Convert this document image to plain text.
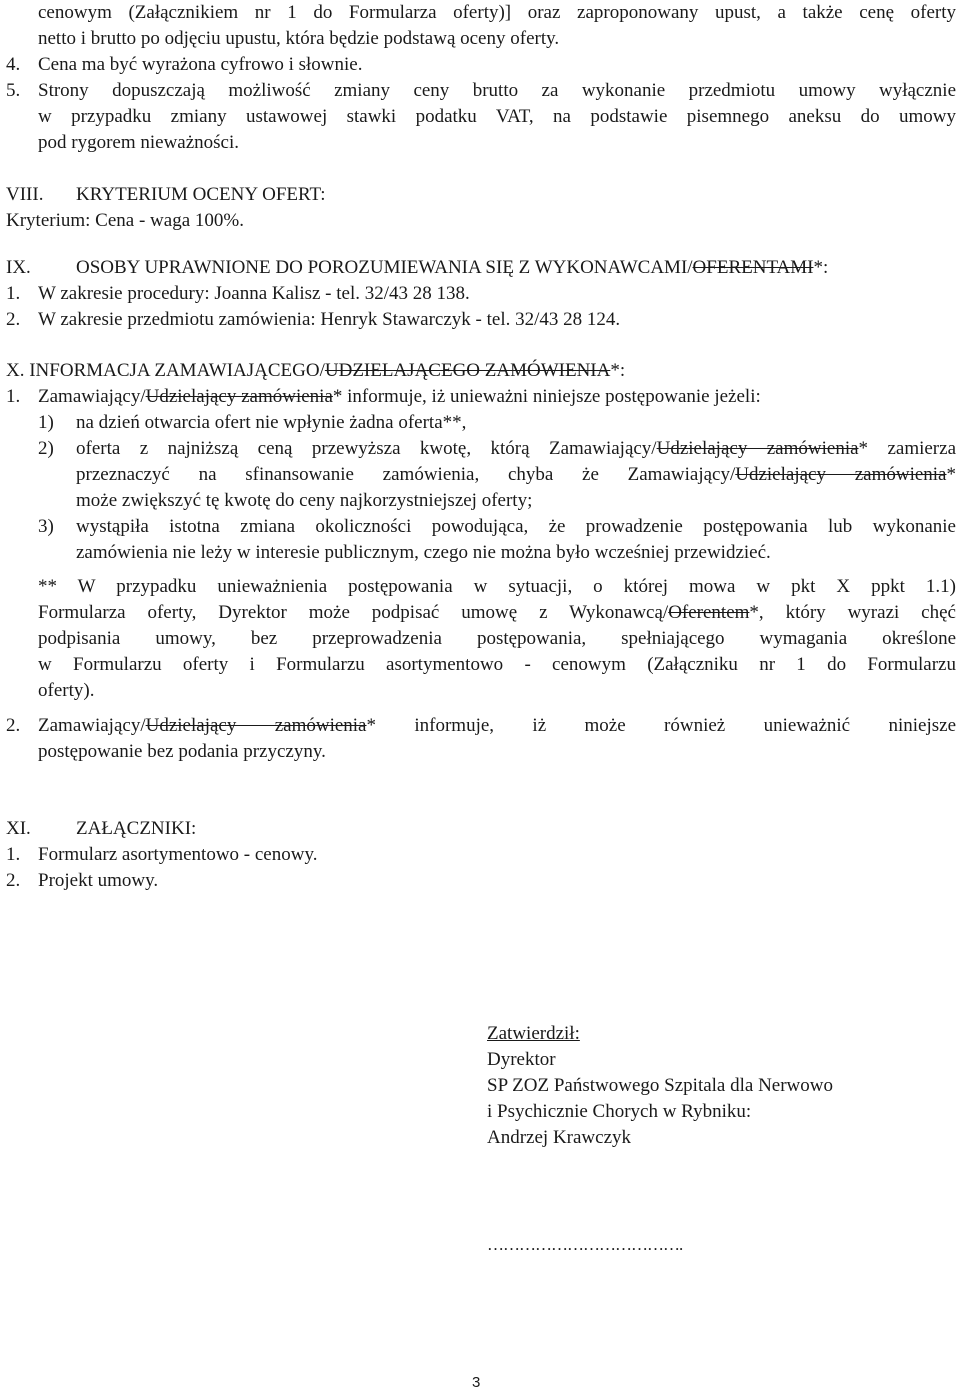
cenowym (Załącznikiem nr 1 do Formularza oferty)] oraz zaproponowany upust, a także cenę oferty
netto i brutto po odjęciu upustu, która będzie podstawą oceny oferty.
4. Cena ma być wyrażona cyfrowo i słownie.
5. Strony dopuszczają możliwość zmiany ceny brutto za wykonanie przedmiotu umowy wyłącznie
w przypadku zmiany ustawowej stawki podatku VAT, na podstawie pisemnego aneksu do umowy
pod rygorem nieważności.
VIII. KRYTERIUM OCENY OFERT:
Kryterium: Cena - waga 100%.
IX. OSOBY UPRAWNIONE DO POROZUMIEWANIA SIĘ Z WYKONAWCAMI/OFERENTAMI*:
1. W zakresie procedury: Joanna Kalisz - tel. 32/43 28 138.
2. W zakresie przedmiotu zamówienia: Henryk Stawarczyk - tel. 32/43 28 124.
X. INFORMACJA ZAMAWIAJĄCEGO/UDZIELAJĄCEGO ZAMÓWIENIA*:
1. Zamawiający/Udzielający zamówienia* informuje, iż unieważni niniejsze postępowanie jeżeli:
1) na dzień otwarcia ofert nie wpłynie żadna oferta**,
2) oferta z najniższą ceną przewyższa kwotę, którą Zamawiający/Udzielający zamówienia* zamierza
przeznaczyć na sfinansowanie zamówienia, chyba że Zamawiający/Udzielający zamówienia*
może zwiększyć tę kwotę do ceny najkorzystniejszej oferty;
3) wystąpiła istotna zmiana okoliczności powodująca, że prowadzenie postępowania lub wykonanie
zamówienia nie leży w interesie publicznym, czego nie można było wcześniej przewidzieć.
** W przypadku unieważnienia postępowania w sytuacji, o której mowa w pkt X ppkt 1.1)
Formularza oferty, Dyrektor może podpisać umowę z Wykonawcą/Oferentem*, który wyrazi chęć
podpisania umowy, bez przeprowadzenia postępowania, spełniającego wymagania określone
w Formularzu oferty i Formularzu asortymentowo - cenowym (Załączniku nr 1 do Formularzu
oferty).
2. Zamawiający/Udzielający zamówienia* informuje, iż może również unieważnić niniejsze
postępowanie bez podania przyczyny.
XI. ZAŁĄCZNIKI:
1. Formularz asortymentowo - cenowy.
2. Projekt umowy.
Zatwierdził:
Dyrektor
SP ZOZ Państwowego Szpitala dla Nerwowo
i Psychicznie Chorych w Rybniku:
Andrzej Krawczyk
……………………………….
3
